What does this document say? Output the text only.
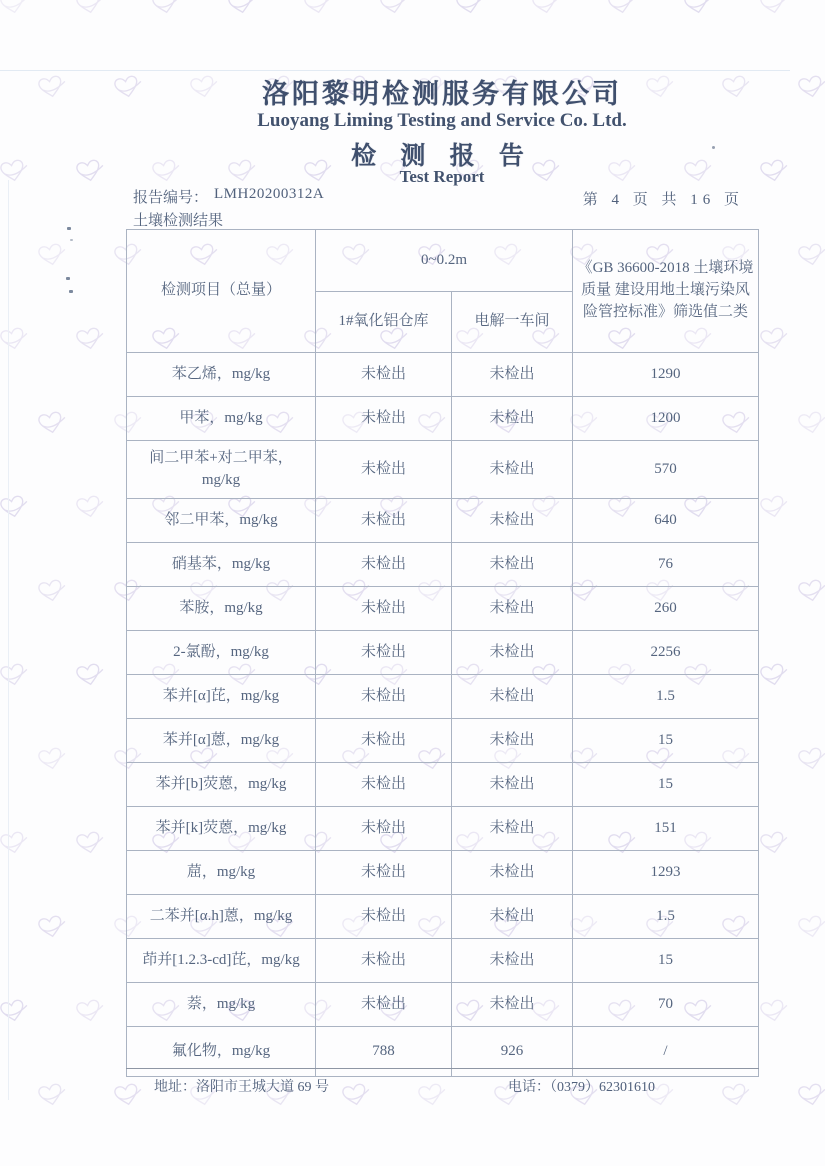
洛阳黎明检测服务有限公司
Luoyang Liming Testing and Service Co. Ltd.
检 测 报 告
Test Report
报告编号： LMH20200312A	第 4 页 共 16 页
土壤检测结果
检测项目（总量）	0~0.2m		《GB 36600-2018 土壤环境质量 建设用地土壤污染风险管控标准》筛选值二类
	1#氧化铝仓库	电解一车间	
苯乙烯，mg/kg	未检出	未检出	1290
甲苯，mg/kg	未检出	未检出	1200
间二甲苯+对二甲苯，mg/kg	未检出	未检出	570
邻二甲苯，mg/kg	未检出	未检出	640
硝基苯，mg/kg	未检出	未检出	76
苯胺，mg/kg	未检出	未检出	260
2-氯酚，mg/kg	未检出	未检出	2256
苯并[α]芘，mg/kg	未检出	未检出	1.5
苯并[α]蒽，mg/kg	未检出	未检出	15
苯并[b]荧蒽，mg/kg	未检出	未检出	15
苯并[k]荧蒽，mg/kg	未检出	未检出	151
䓛，mg/kg	未检出	未检出	1293
二苯并[α.h]蒽，mg/kg	未检出	未检出	1.5
茚并[1.2.3-cd]芘，mg/kg	未检出	未检出	15
萘，mg/kg	未检出	未检出	70
氟化物，mg/kg	788	926	/
地址：洛阳市王城大道 69 号	电话：（0379）62301610
